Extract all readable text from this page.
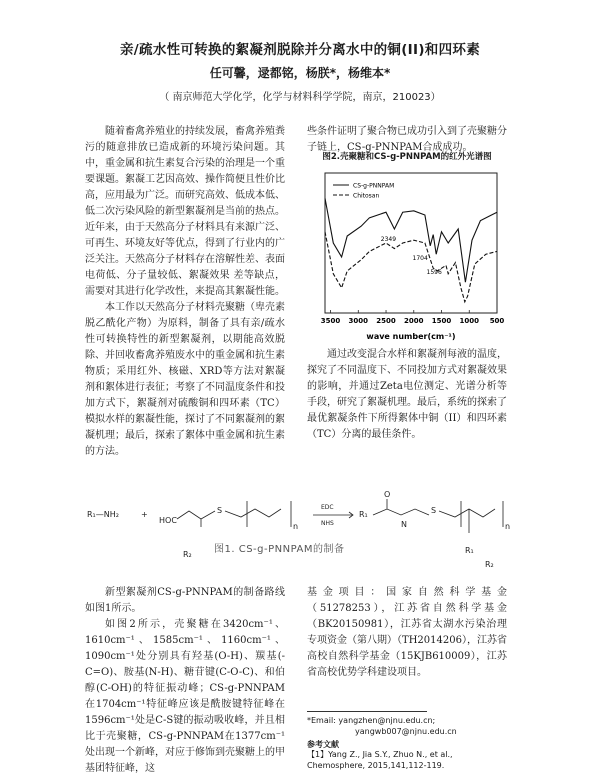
亲/疏水性可转换的絮凝剂脱除并分离水中的铜(II)和四环素
任可馨，逯都铭，杨朕*，杨维本*
（ 南京师范大学化学，化学与材料科学学院，南京，210023）

随着畜禽养殖业的持续发展，畜禽养殖粪污的随意排放已造成新的环境污染问题。其中，重金属和抗生素复合污染的治理是一个重要课题。絮凝工艺因高效、操作简便且性价比高，应用最为广泛。而研究高效、低成本低、低二次污染风险的新型絮凝剂是当前的热点。近年来，由于天然高分子材料具有来源广泛、可再生、环境友好等优点，得到了行业内的广泛关注。天然高分子材料存在溶解性差、表面电荷低、分子量较低、絮凝效果 差等缺点，需要对其进行化学改性，来提高其絮凝性能。

本工作以天然高分子材料壳聚糖（卑壳素脱乙酰化产物）为原料，制备了具有亲/疏水性可转换特性的新型絮凝剂，以期能高效脱除、并回收畜禽养殖废水中的重金属和抗生素物质；采用红外、核磁、XRD等方法对絮凝剂和絮体进行表征；考察了不同温度条件和投加方式下，絮凝剂对硫酸铜和四环素（TC）模拟水样的絮凝性能，探讨了不同絮凝剂的絮凝机理；最后，探索了絮体中重金属和抗生素的方法。

些条件证明了聚合物已成功引入到了壳聚糖分子链上，CS-g-PNNPAM合成成功。

图2.壳聚糖和CS-g-PNNPAM的红外光谱图
3500 3000 2500 2000 1500 1000 500
2349
1704
1596
CS-g-PNNPAM
Chitosan
wave number(cm⁻¹)

通过改变混合水样和絮凝剂每液的温度，探究了不同温度下、不同投加方式对絮凝效果的影响，并通过Zeta电位测定、光谱分析等手段，研究了絮凝机理。最后，系统的探索了最优絮凝条件下所得絮体中铜（II）和四环素（TC）分离的最佳条件。

R₁—NH₂	+
HOC
S
n
EDC
NHS
R₁
O
N
S
n
R₂	R₁
R₂
图1. CS-g-PNNPAM的制备

新型絮凝剂CS-g-PNNPAM的制备路线如图1所示。

如图2所示，壳聚糖在3420cm⁻¹、1610cm⁻¹、1585cm⁻¹、1160cm⁻¹、1090cm⁻¹处分别具有羟基(O-H)、羰基(-C=O)、胺基(N-H)、糖苷键(C-O-C)、和伯醇(C-OH)的特征振动峰；CS-g-PNNPAM在1704cm⁻¹特征峰应该是酰胺键特征峰在1596cm⁻¹处是C-S键的振动吸收峰，并且相比于壳聚糖，CS-g-PNNPAM在1377cm⁻¹处出现一个新峰，对应于修饰到壳聚糖上的甲基团特征峰，这

基金项目：国家自然科学基金（51278253），江苏省自然科学基金（BK20150981），江苏省太湖水污染治理专项资金（第八期）（TH2014206），江苏省高校自然科学基金（15KJB610009），江苏省高校优势学科建设项目。

*Email: yangzhen@njnu.edu.cn;

yangwb007@njnu.edu.cn

参考文献
【1】Yang Z., Jia S.Y., Zhuo N., et al., Chemosphere, 2015,141,112-119.
